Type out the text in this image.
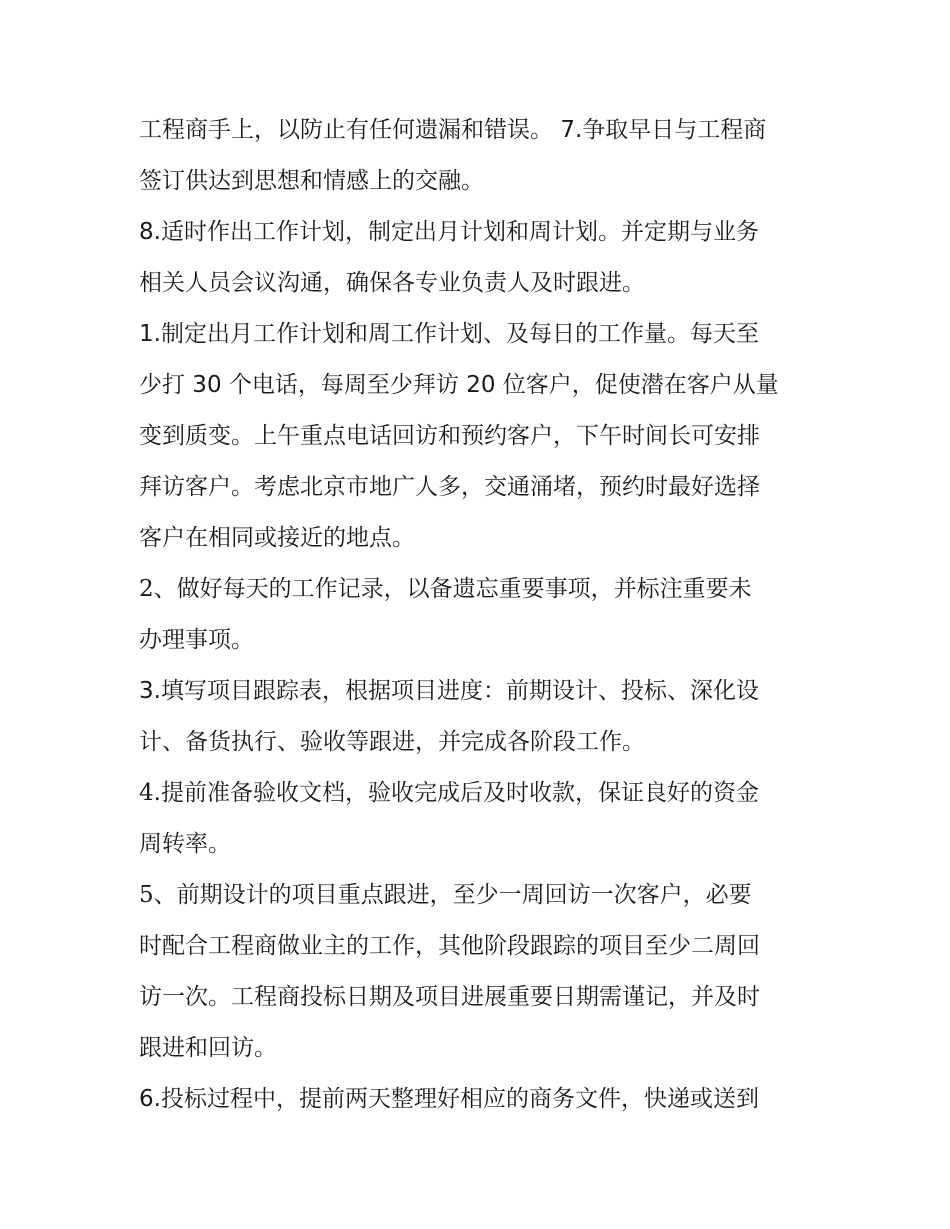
工程商手上，以防止有任何遗漏和错误。 7.争取早日与工程商
签订供达到思想和情感上的交融。
8.适时作出工作计划，制定出月计划和周计划。并定期与业务
相关人员会议沟通，确保各专业负责人及时跟进。
1.制定出月工作计划和周工作计划、及每日的工作量。每天至
少打 30 个电话，每周至少拜访 20 位客户，促使潜在客户从量
变到质变。上午重点电话回访和预约客户，下午时间长可安排
拜访客户。考虑北京市地广人多，交通涌堵，预约时最好选择
客户在相同或接近的地点。
2、做好每天的工作记录，以备遗忘重要事项，并标注重要未
办理事项。
3.填写项目跟踪表，根据项目进度：前期设计、投标、深化设
计、备货执行、验收等跟进，并完成各阶段工作。
4.提前准备验收文档，验收完成后及时收款，保证良好的资金
周转率。
5、前期设计的项目重点跟进，至少一周回访一次客户，必要
时配合工程商做业主的工作，其他阶段跟踪的项目至少二周回
访一次。工程商投标日期及项目进展重要日期需谨记，并及时
跟进和回访。
6.投标过程中，提前两天整理好相应的商务文件，快递或送到
